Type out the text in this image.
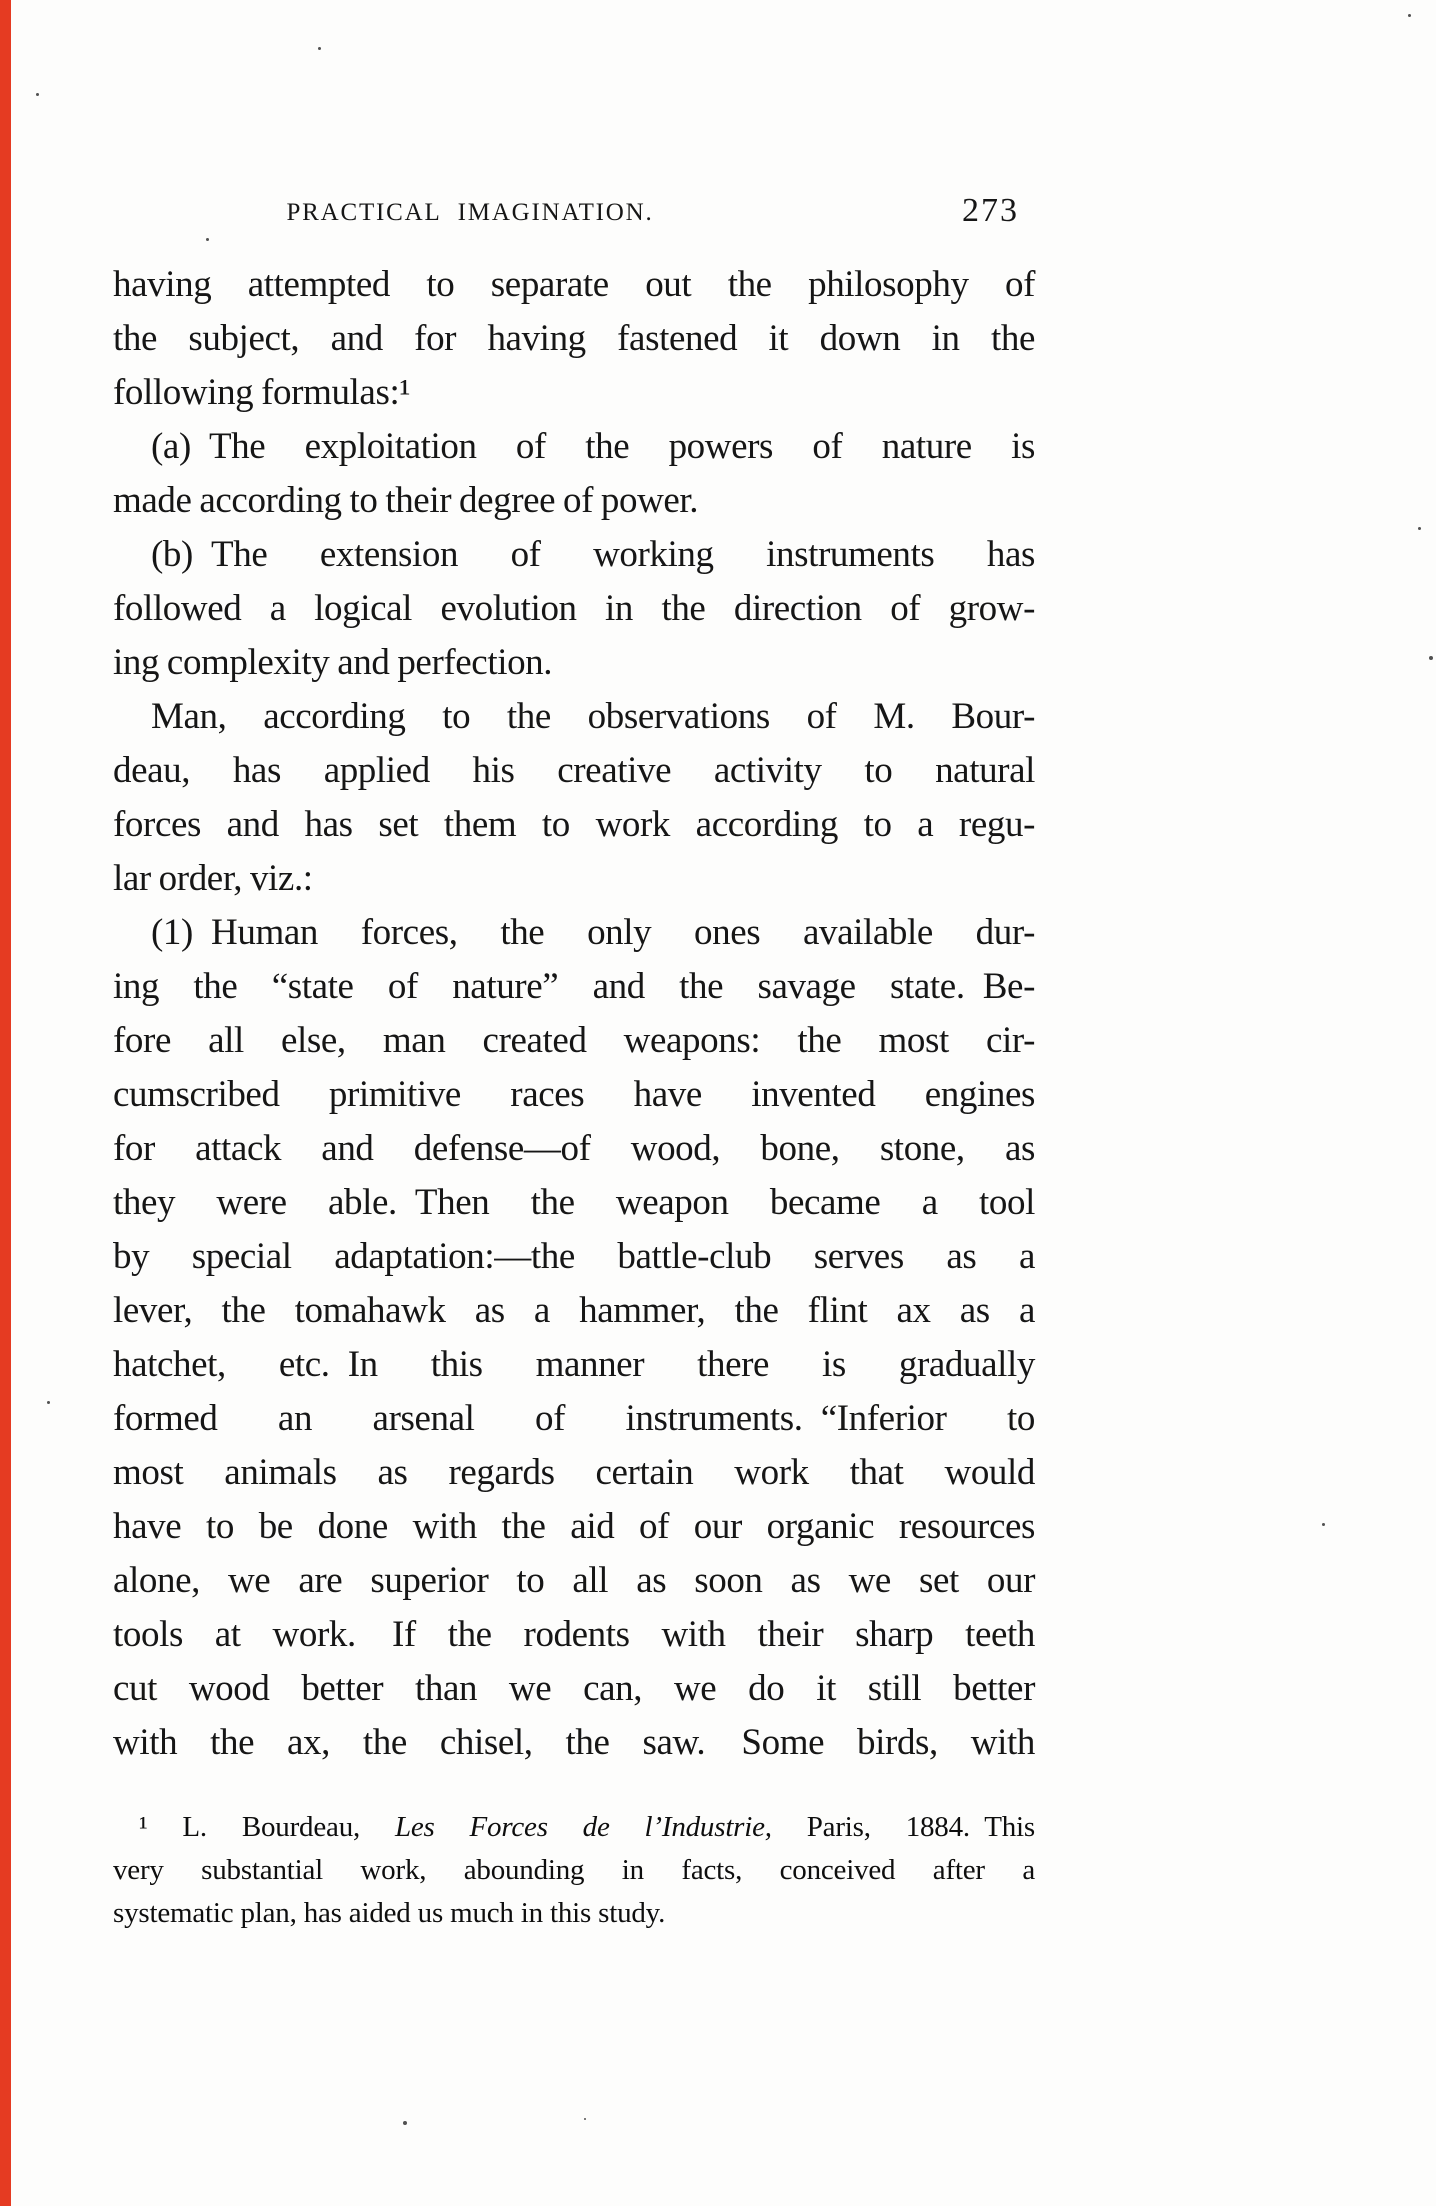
PRACTICAL IMAGINATION.	273
having attempted to separate out the philosophy of
the subject, and for having fastened it down in the
following formulas:¹
(a) The exploitation of the powers of nature is
made according to their degree of power.
(b) The extension of working instruments has
followed a logical evolution in the direction of grow-
ing complexity and perfection.
Man, according to the observations of M. Bour-
deau, has applied his creative activity to natural
forces and has set them to work according to a regu-
lar order, viz.:
(1) Human forces, the only ones available dur-
ing the “state of nature” and the savage state. Be-
fore all else, man created weapons: the most cir-
cumscribed primitive races have invented engines
for attack and defense—of wood, bone, stone, as
they were able. Then the weapon became a tool
by special adaptation:—the battle-club serves as a
lever, the tomahawk as a hammer, the flint ax as a
hatchet, etc. In this manner there is gradually
formed an arsenal of instruments. “Inferior to
most animals as regards certain work that would
have to be done with the aid of our organic resources
alone, we are superior to all as soon as we set our
tools at work.  If the rodents with their sharp teeth
cut wood better than we can, we do it still better
with the ax, the chisel, the saw.  Some birds, with
¹ L. Bourdeau, Les Forces de l’Industrie, Paris, 1884. This
very substantial work, abounding in facts, conceived after a
systematic plan, has aided us much in this study.
